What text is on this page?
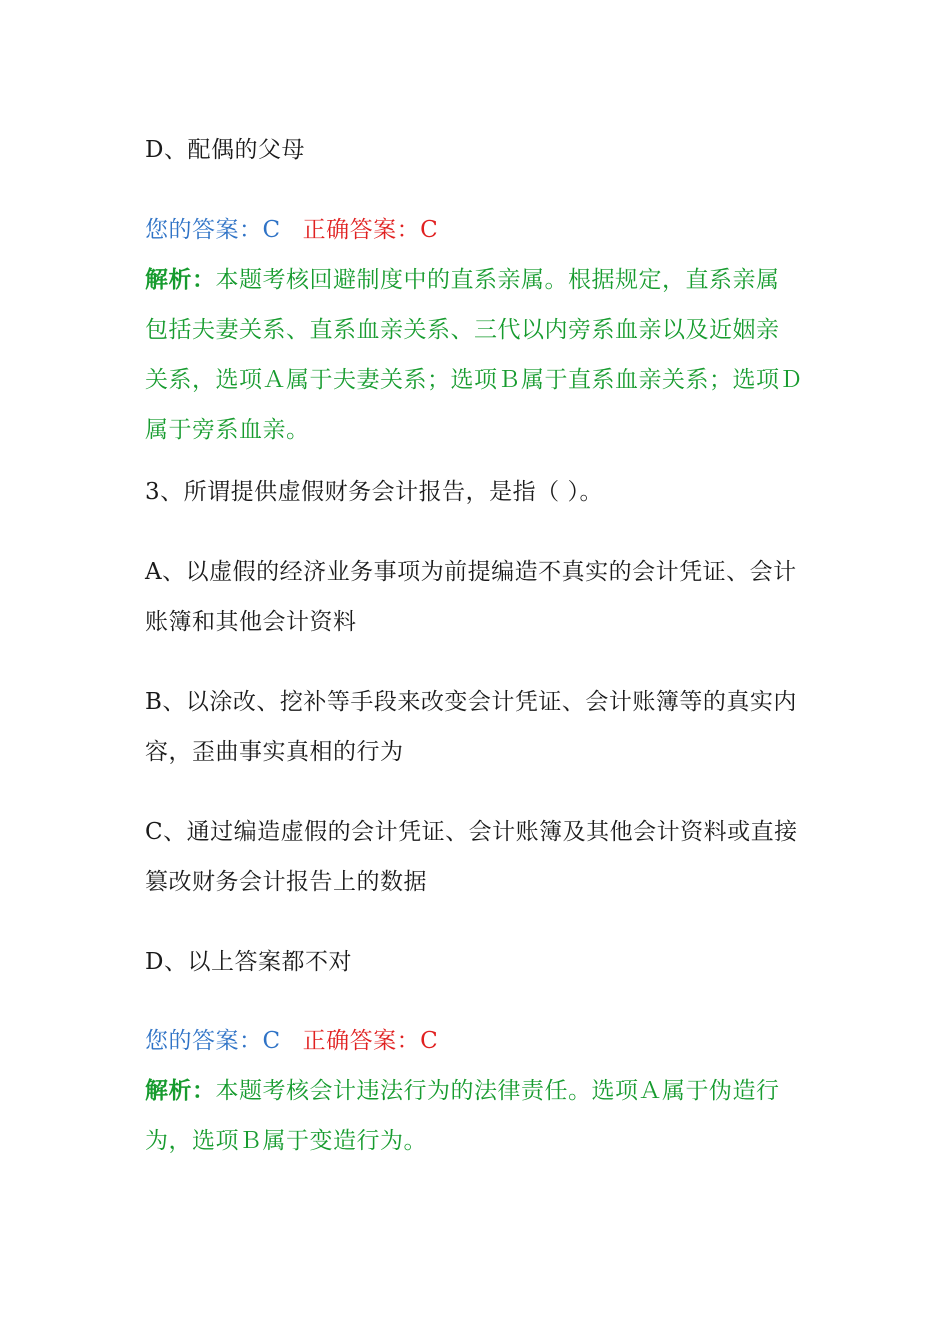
D、配偶的父母
您的答案：C 正确答案：C
解析：本题考核回避制度中的直系亲属。根据规定，直系亲属
包括夫妻关系、直系血亲关系、三代以内旁系血亲以及近姻亲
关系，选项Ａ属于夫妻关系；选项Ｂ属于直系血亲关系；选项Ｄ
属于旁系血亲。
3、所谓提供虚假财务会计报告，是指（ ）。
A、以虚假的经济业务事项为前提编造不真实的会计凭证、会计
账簿和其他会计资料
B、以涂改、挖补等手段来改变会计凭证、会计账簿等的真实内
容，歪曲事实真相的行为
C、通过编造虚假的会计凭证、会计账簿及其他会计资料或直接
篡改财务会计报告上的数据
D、以上答案都不对
您的答案：C 正确答案：C
解析：本题考核会计违法行为的法律责任。选项Ａ属于伪造行
为，选项Ｂ属于变造行为。
